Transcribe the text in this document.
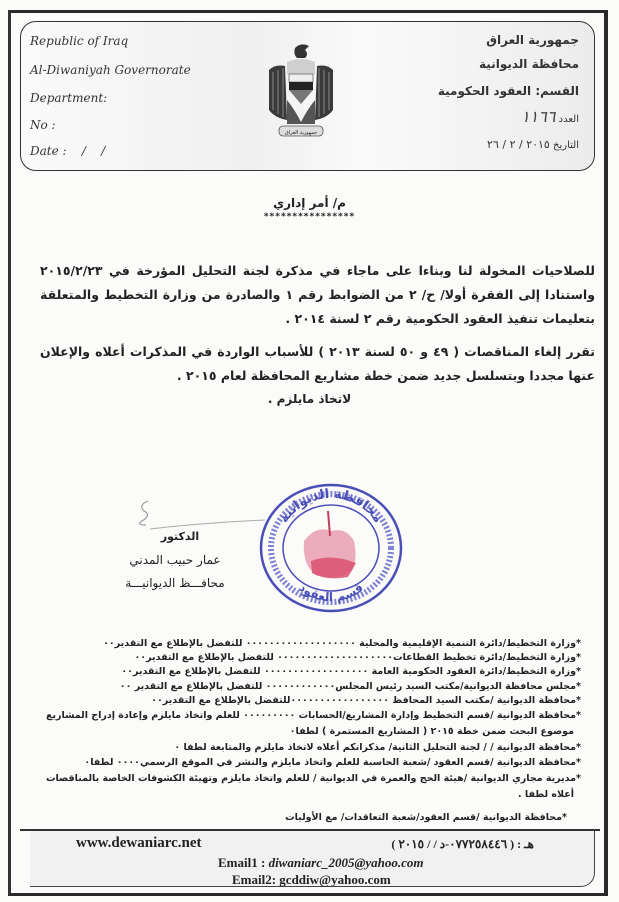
Republic of Iraq
Al-Diwaniyah Governorate
Department:
No :
Date :    /    /
جمهورية العراق
جمهورية العراق
محافظة الديوانية
القسم: العقود الحكومية
العدد ١١٦٦
التاريخ ٢٠١٥ / ٢ / ٢٦
م/ أمر إداري
****************
للصلاحيات المخولة لنا وبناءا على ماجاء في مذكرة لجنة التحليل المؤرخة في ٢٠١٥/٢/٢٣ واستنادا إلى الفقرة أولا/ ح/ ٢ من الضوابط رقم ١ والصادرة من وزارة التخطيط والمتعلقة بتعليمات تنفيذ العقود الحكومية رقم ٢ لسنة ٢٠١٤ .
تقرر إلغاء المناقصات ( ٤٩ و ٥٠ لسنة ٢٠١٣ ) للأسباب الواردة في المذكرات أعلاه والإعلان عنها مجددا وبتسلسل جديد ضمن خطة مشاريع المحافظة لعام ٢٠١٥ .
لاتخاذ مايلزم .
الدكتور
عمار حبيب المدني
محافـــظ الديوانيـــة
محافظة الديوانية
قسم العقود
*وزارة التخطيط/دائرة التنمية الإقليمية والمحلية ٠٠٠٠٠٠٠٠٠٠٠٠٠٠٠٠٠٠٠ للتفضل بالإطلاع مع التقدير٠٠
*وزارة التخطيط/دائرة تخطيط القطاعات٠٠٠٠٠٠٠٠٠٠٠٠٠٠٠٠٠٠٠٠ للتفضل بالإطلاع مع التقدير٠٠
*وزارة التخطيط/دائرة العقود الحكومية العامة ٠٠٠٠٠٠٠٠٠٠٠٠٠٠٠٠٠٠ للتفضل بالإطلاع مع التقدير٠٠
*مجلس محافظة الديوانية/مكتب السيد رئيس المجلس٠٠٠٠٠٠٠٠٠٠٠٠ للتفضل بالإطلاع مع التقدير ٠٠
*محافظة الديوانية /مكتب السيد المحافظ ٠٠٠٠٠٠٠٠٠٠٠٠٠٠٠٠٠للتفضل بالإطلاع مع التقدير٠٠
*محافظة الديوانية /قسم التخطيط وإدارة المشاريع/الحسابات ٠٠٠٠٠٠٠٠٠ للعلم واتخاذ مايلزم وإعادة إدراج المشاريع
موضوع البحث ضمن خطة ٢٠١٥ ( المشاريع المستمرة ) لطفا٠
*محافظة الديوانية / / لجنة التحليل الثانية/ مذكراتكم أعلاه لاتخاذ مايلزم والمتابعة لطفا ٠
*محافظة الديوانية /قسم العقود /شعبة الحاسبة للعلم واتخاذ مايلزم والنشر في الموقع الرسمي٠٠٠٠ لطفا٠
*مديرية مجاري الديوانية /هيئة الحج والعمرة في الديوانية / للعلم واتخاذ مايلزم وتهيئة الكشوفات الخاصة بالمناقصات
أعلاه لطفا .
*محافظة الديوانية /قسم العقود/شعبة التعاقدات/ مع الأوليات
www.dewaniarc.net	هـ : ( ٠٧٧٢٥٨٤٤٦-د / / ٢٠١٥ )
Email1 : diwaniarc_2005@yahoo.com
Email2: gcddiw@yahoo.com
